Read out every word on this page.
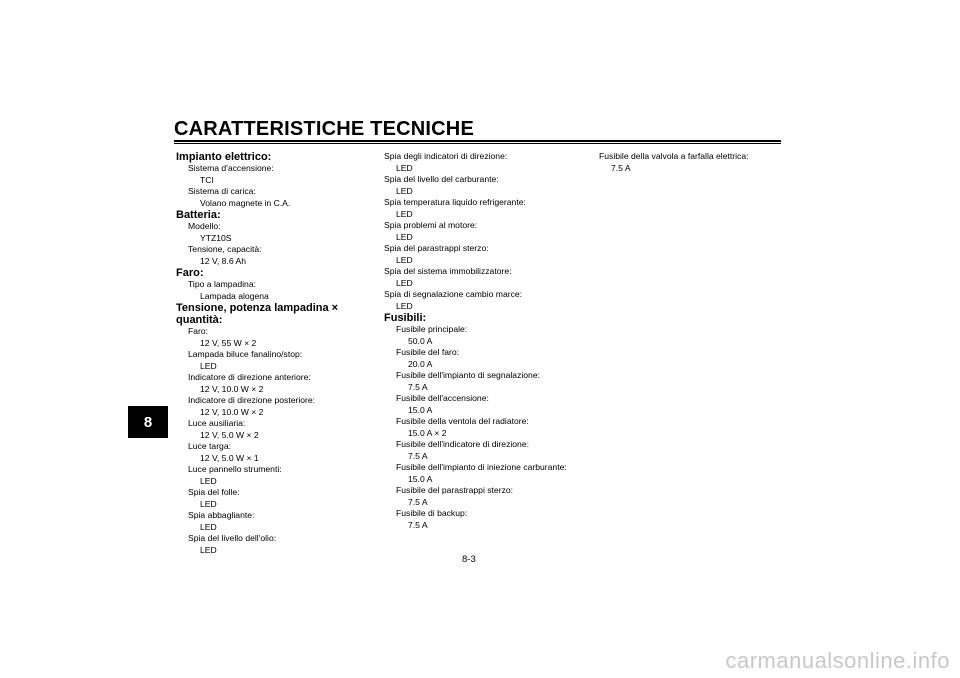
CARATTERISTICHE TECNICHE
8
Impianto elettrico:
Sistema d'accensione:
TCI
Sistema di carica:
Volano magnete in C.A.
Batteria:
Modello:
YTZ10S
Tensione, capacità:
12 V, 8.6 Ah
Faro:
Tipo a lampadina:
Lampada alogena
Tensione, potenza lampadina × quantità:
Faro:
12 V, 55 W × 2
Lampada biluce fanalino/stop:
LED
Indicatore di direzione anteriore:
12 V, 10.0 W × 2
Indicatore di direzione posteriore:
12 V, 10.0 W × 2
Luce ausiliaria:
12 V, 5.0 W × 2
Luce targa:
12 V, 5.0 W × 1
Luce pannello strumenti:
LED
Spia del folle:
LED
Spia abbagliante:
LED
Spia del livello dell'olio:
LED
Spia degli indicatori di direzione:
LED
Spia del livello del carburante:
LED
Spia temperatura liquido refrigerante:
LED
Spia problemi al motore:
LED
Spia del parastrappi sterzo:
LED
Spia del sistema immobilizzatore:
LED
Spia di segnalazione cambio marce:
LED
Fusibili:
Fusibile principale:
50.0 A
Fusibile del faro:
20.0 A
Fusibile dell'impianto di segnalazione:
7.5 A
Fusibile dell'accensione:
15.0 A
Fusibile della ventola del radiatore:
15.0 A × 2
Fusibile dell'indicatore di direzione:
7.5 A
Fusibile dell'impianto di iniezione carburante:
15.0 A
Fusibile del parastrappi sterzo:
7.5 A
Fusibile di backup:
7.5 A
Fusibile della valvola a farfalla elettrica:
7.5 A
8-3
carmanualsonline.info
